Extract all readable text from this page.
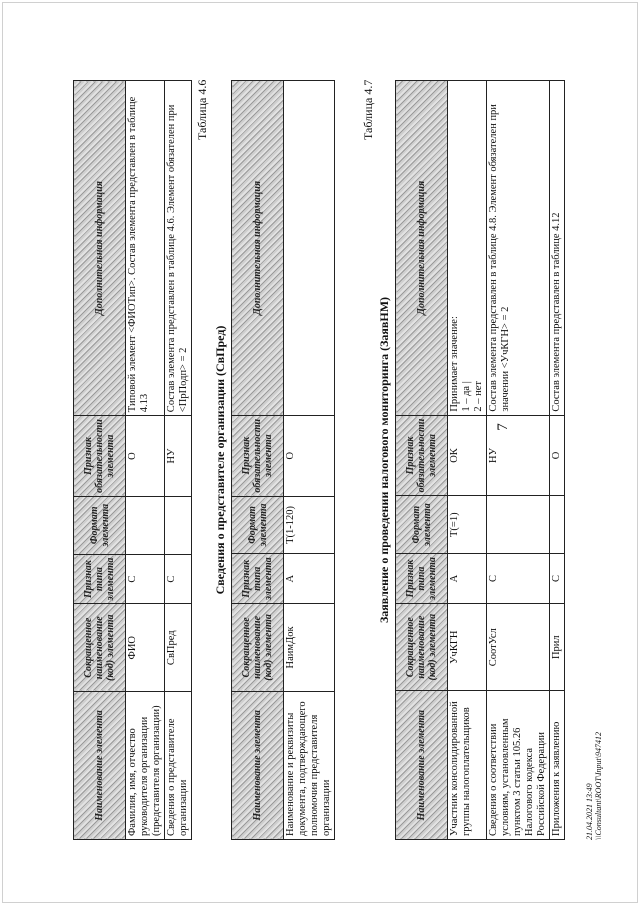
7
Наименование элемента	Сокращенное наименование (код) элемента	Признак типа элемента	Формат элемента	Признак обязательности элемента	Дополнительная информация
Фамилия, имя, отчество руководителя организации (представителя организации)	ФИО	С		О	Типовой элемент <ФИОТип>. Состав элемента представлен в таблице 4.13
Сведения о представителе организации	СвПред	С		НУ	Состав элемента представлен в таблице 4.6. Элемент обязателен при <ПрПодп> = 2
Таблица 4.6
Сведения о представителе организации (СвПред)
Наименование элемента	Сокращенное наименование (код) элемента	Признак типа элемента	Формат элемента	Признак обязательности элемента	Дополнительная информация
Наименование и реквизиты документа, подтверждающего полномочия представителя организации	НаимДок	А	T(1-120)	О	
Таблица 4.7
Заявление о проведении налогового мониторинга (ЗаявНМ)
Наименование элемента	Сокращенное наименование (код) элемента	Признак типа элемента	Формат элемента	Признак обязательности элемента	Дополнительная информация
Участник консолидированной группы налогоплательщиков	УчКГН	А	T(=1)	ОК	Принимает значение:
1 – да |
2 – нет
Сведения о соответствии условиям, установленным пунктом 3 статьи 105.26 Налогового кодекса Российской Федерации	СоотУсл	С		НУ	Состав элемента представлен в таблице 4.8. Элемент обязателен при значении <УчКГН> = 2
Приложения к заявлению	Прил	С		О	Состав элемента представлен в таблице 4.12
21.04.2021 13:49 \\Consultant\ROOT\Input\947412
